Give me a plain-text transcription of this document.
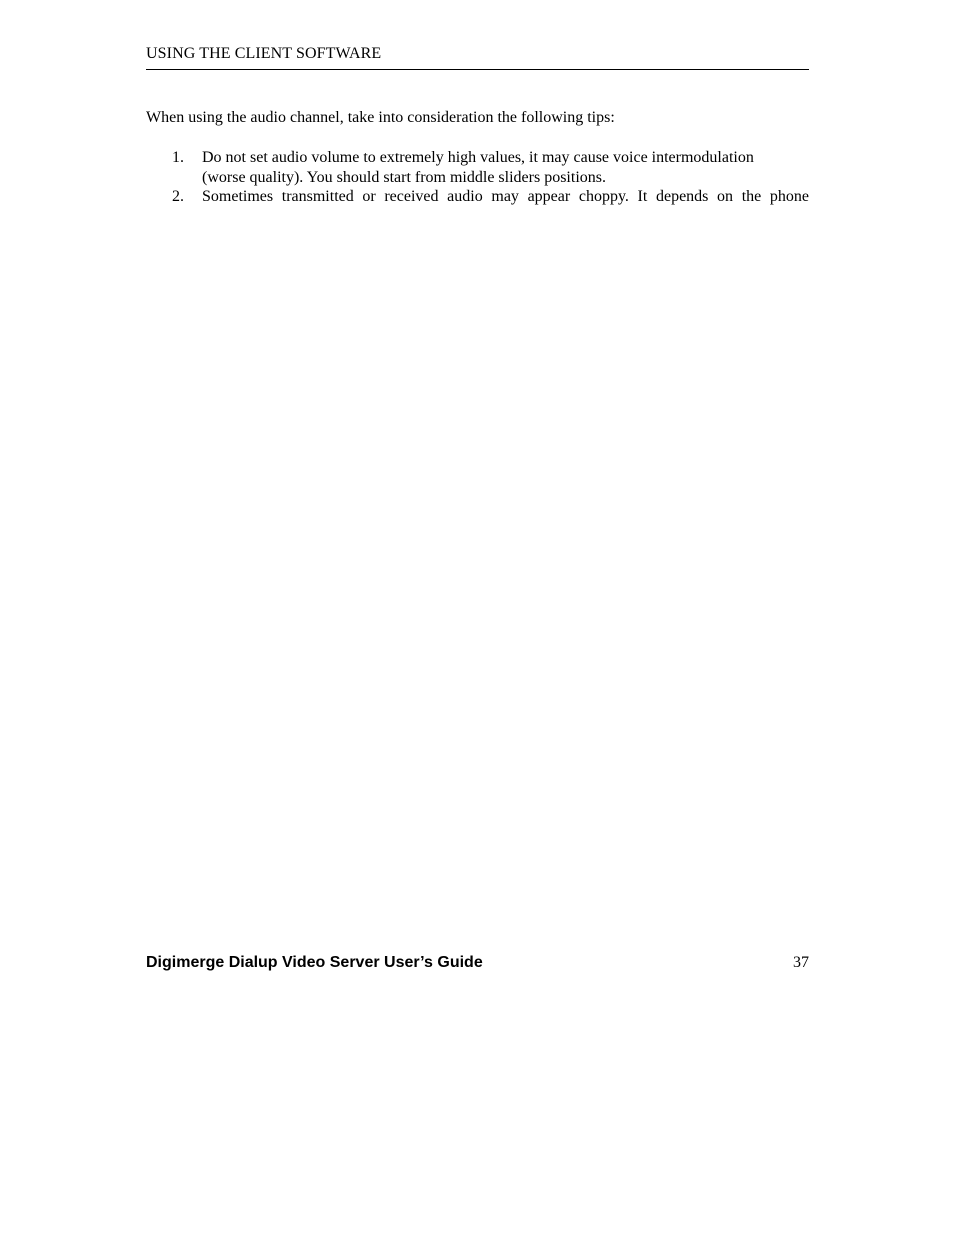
USING THE CLIENT SOFTWARE
When using the audio channel, take into consideration the following tips:
1. Do not set audio volume to extremely high values, it may cause voice intermodulation
(worse quality). You should start from middle sliders positions.
2. Sometimes transmitted or received audio may appear choppy. It depends on the phone
Digimerge Dialup Video Server User’s Guide	37
